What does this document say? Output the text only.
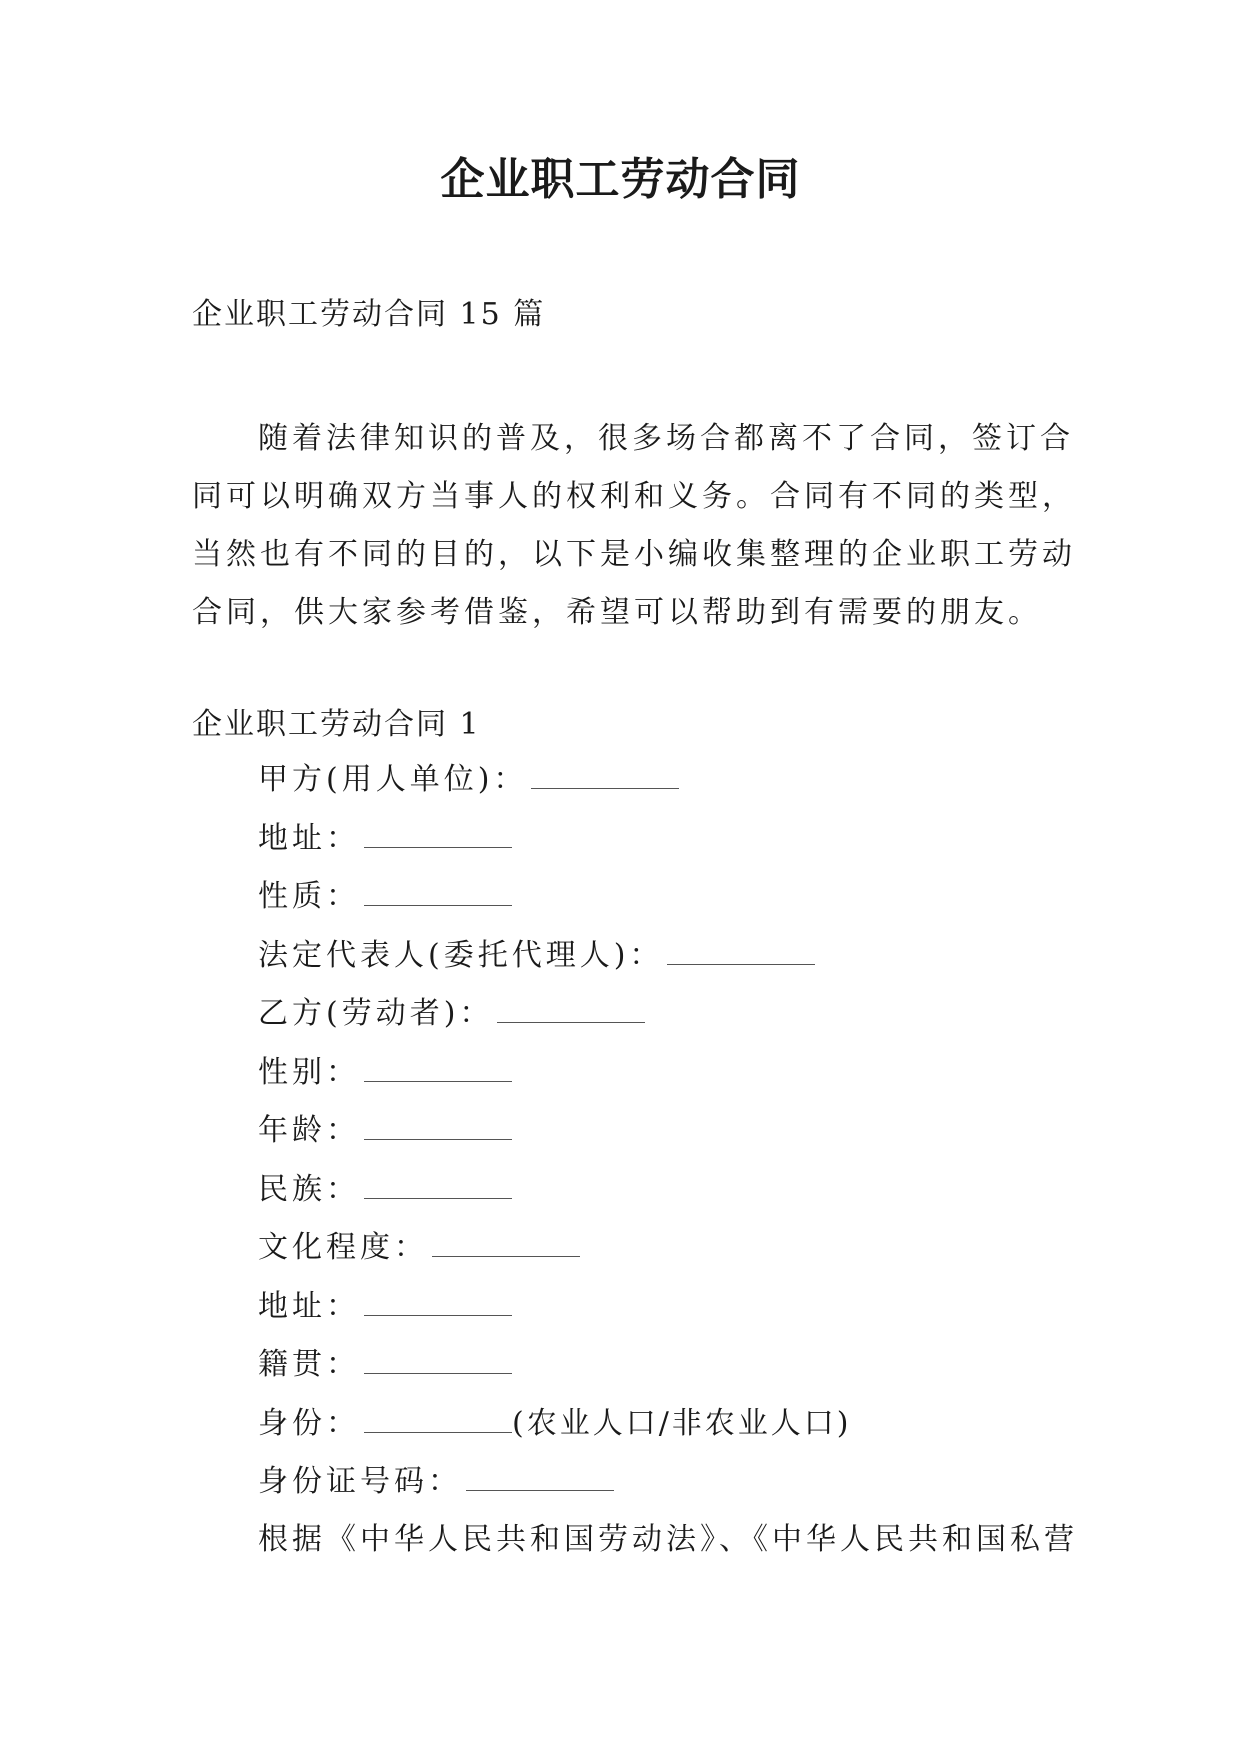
企业职工劳动合同
企业职工劳动合同 15 篇
随着法律知识的普及，很多场合都离不了合同，签订合
同可以明确双方当事人的权利和义务。合同有不同的类型，
当然也有不同的目的，以下是小编收集整理的企业职工劳动
合同，供大家参考借鉴，希望可以帮助到有需要的朋友。
企业职工劳动合同 1
甲方(用人单位)：
地址：
性质：
法定代表人(委托代理人)：
乙方(劳动者)：
性别：
年龄：
民族：
文化程度：
地址：
籍贯：
身份：	(农业人口/非农业人口)
身份证号码：
根据《中华人民共和国劳动法》、《中华人民共和国私营
